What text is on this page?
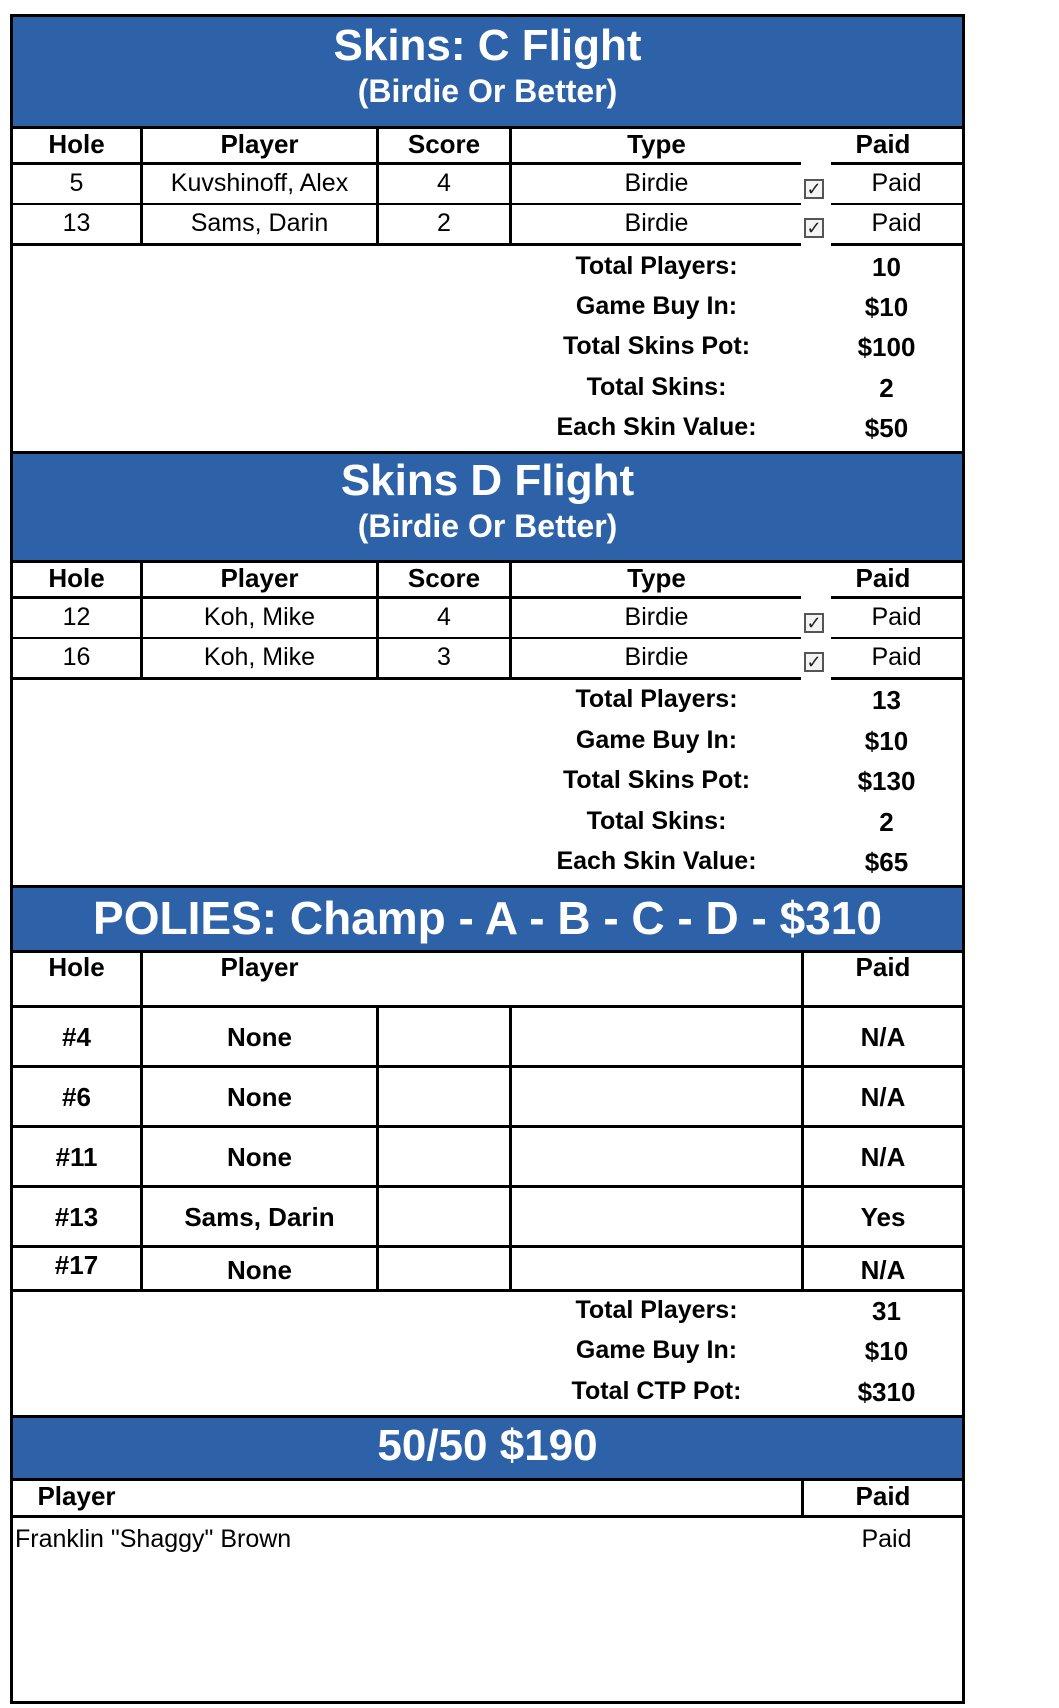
Skins: C Flight
(Birdie Or Better)
Hole	Player	Score	Type	Paid
5	Kuvshinoff, Alex	4	Birdie	✓	Paid
13	Sams, Darin	2	Birdie	✓	Paid
Total Players:	10
Game Buy In:	$10
Total Skins Pot:	$100
Total Skins:	2
Each Skin Value:	$50
Skins D Flight
(Birdie Or Better)
Hole	Player	Score	Type	Paid
12	Koh, Mike	4	Birdie	✓	Paid
16	Koh, Mike	3	Birdie	✓	Paid
Total Players:	13
Game Buy In:	$10
Total Skins Pot:	$130
Total Skins:	2
Each Skin Value:	$65
POLIES: Champ - A - B - C - D - $310
Hole	Player	Paid
#4	None	N/A
#6	None	N/A
#11	None	N/A
#13	Sams, Darin	Yes
#17	None	N/A
Total Players:	31
Game Buy In:	$10
Total CTP Pot:	$310
50/50 $190
Player	Paid
Franklin "Shaggy" Brown	Paid
